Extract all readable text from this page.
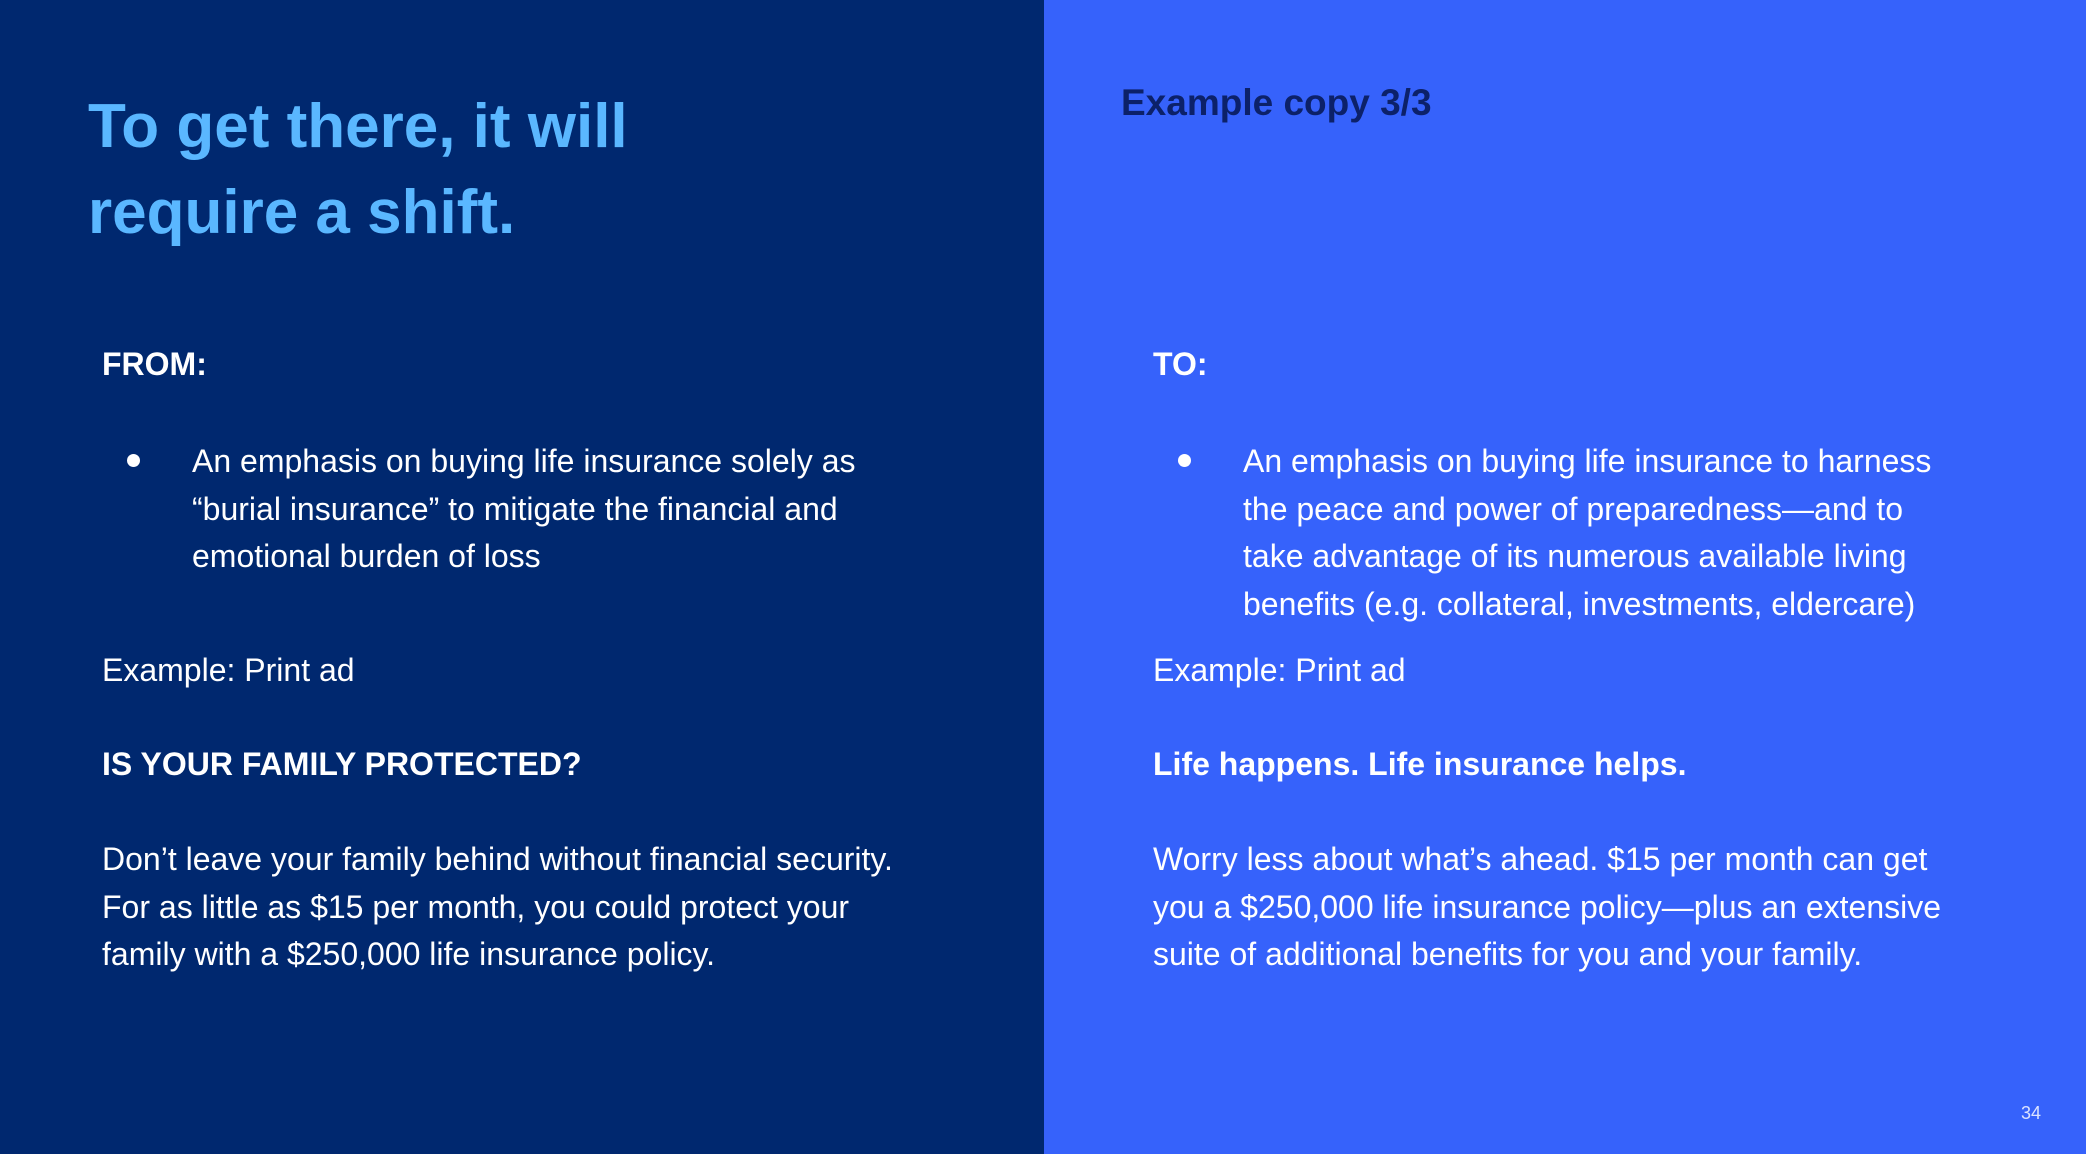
To get there, it will require a shift.

FROM:

An emphasis on buying life insurance solely as “burial insurance” to mitigate the financial and emotional burden of loss

Example: Print ad

IS YOUR FAMILY PROTECTED?

Don’t leave your family behind without financial security. For as little as $15 per month, you could protect your family with a $250,000 life insurance policy.

Example copy 3/3

TO:

An emphasis on buying life insurance to harness the peace and power of preparedness—and to take advantage of its numerous available living benefits (e.g. collateral, investments, eldercare)

Example: Print ad

Life happens. Life insurance helps.

Worry less about what’s ahead. $15 per month can get you a $250,000 life insurance policy—plus an extensive suite of additional benefits for you and your family.

34
